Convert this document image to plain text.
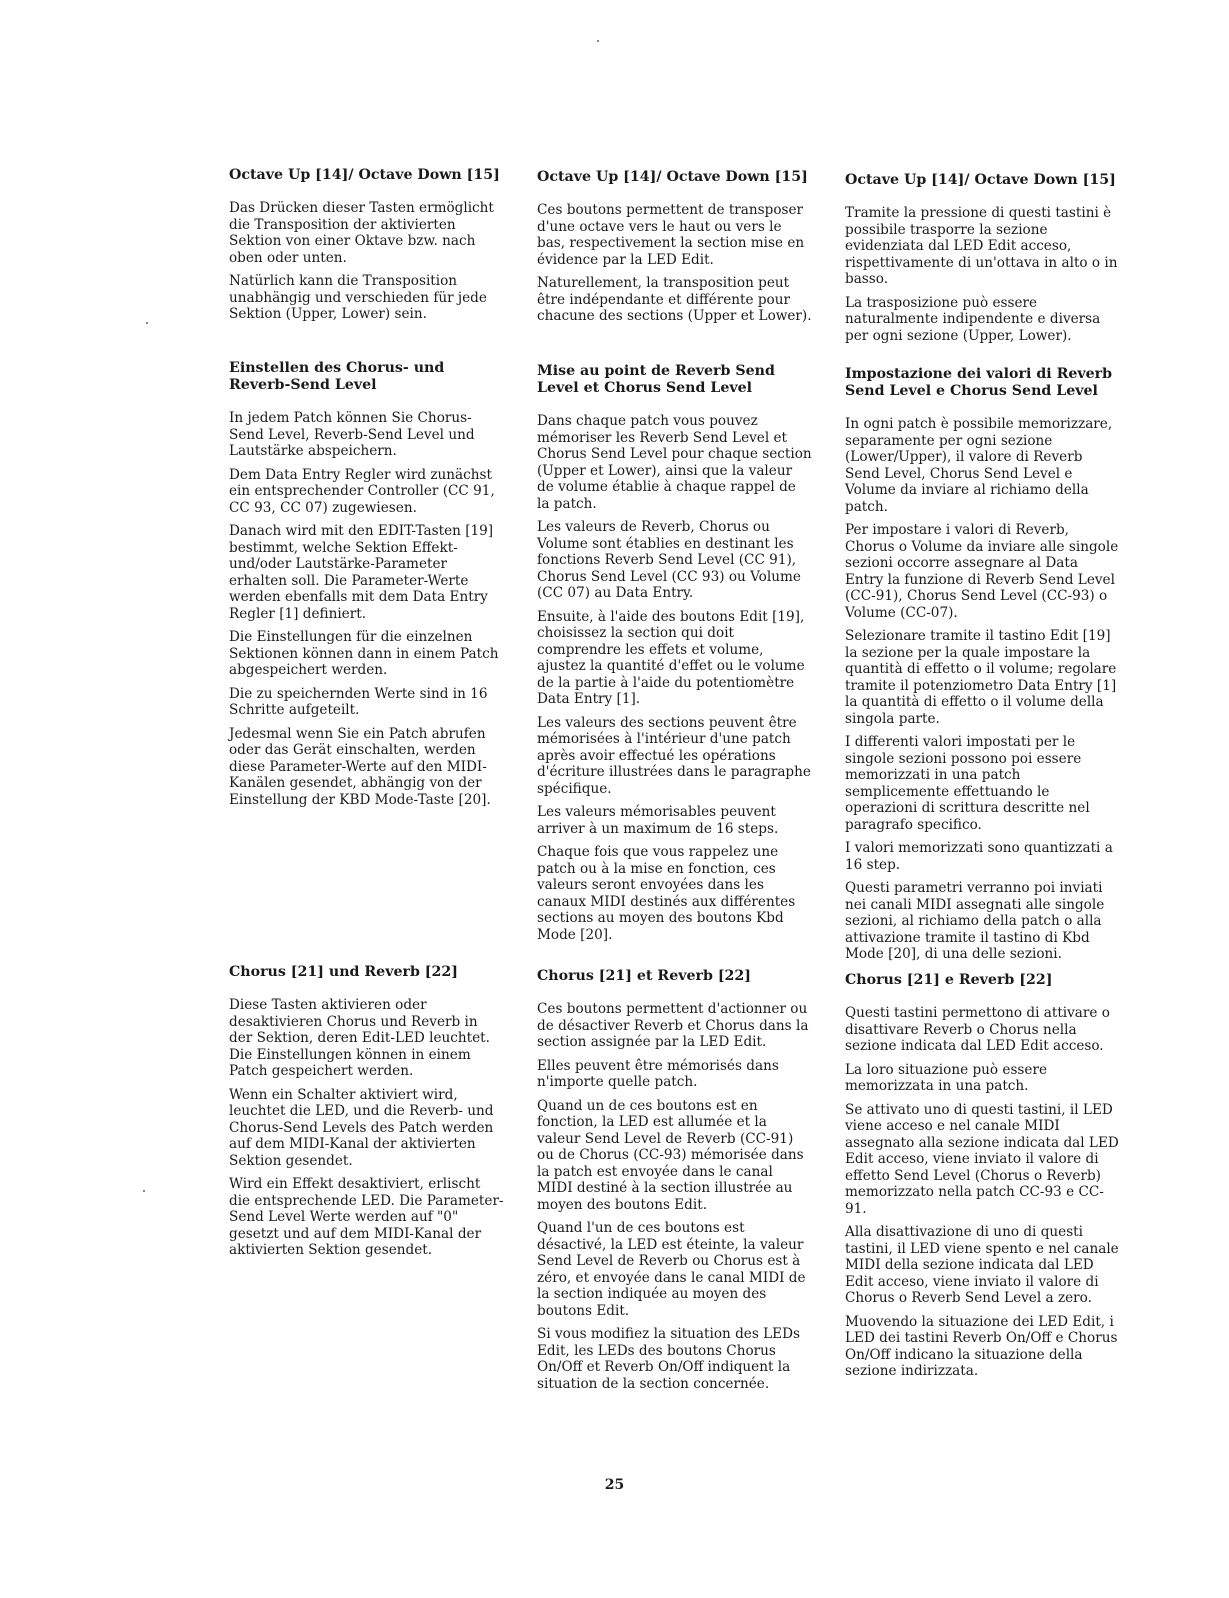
Octave Up [14]/ Octave Down [15]

Das Drücken dieser Tasten ermöglicht die Transposition der aktivierten Sektion von einer Oktave bzw. nach oben oder unten.

Natürlich kann die Transposition unabhängig und verschieden für jede Sektion (Upper, Lower) sein.

Einstellen des Chorus- und Reverb-Send Level

In jedem Patch können Sie Chorus-Send Level, Reverb-Send Level und Lautstärke abspeichern.

Dem Data Entry Regler wird zunächst ein entsprechender Controller (CC 91, CC 93, CC 07) zugewiesen.

Danach wird mit den EDIT-Tasten [19] bestimmt, welche Sektion Effekt-und/oder Lautstärke-Parameter erhalten soll. Die Parameter-Werte werden ebenfalls mit dem Data Entry Regler [1] definiert.

Die Einstellungen für die einzelnen Sektionen können dann in einem Patch abgespeichert werden.

Die zu speichernden Werte sind in 16 Schritte aufgeteilt.

Jedesmal wenn Sie ein Patch abrufen oder das Gerät einschalten, werden diese Parameter-Werte auf den MIDI-Kanälen gesendet, abhängig von der Einstellung der KBD Mode-Taste [20].

Chorus [21] und Reverb [22]

Diese Tasten aktivieren oder desaktivieren Chorus und Reverb in der Sektion, deren Edit-LED leuchtet. Die Einstellungen können in einem Patch gespeichert werden.

Wenn ein Schalter aktiviert wird, leuchtet die LED, und die Reverb- und Chorus-Send Levels des Patch werden auf dem MIDI-Kanal der aktivierten Sektion gesendet.

Wird ein Effekt desaktiviert, erlischt die entsprechende LED. Die Parameter-Send Level Werte werden auf "0" gesetzt und auf dem MIDI-Kanal der aktivierten Sektion gesendet.

Octave Up [14]/ Octave Down [15]

Ces boutons permettent de transposer d'une octave vers le haut ou vers le bas, respectivement la section mise en évidence par la LED Edit.

Naturellement, la transposition peut être indépendante et différente pour chacune des sections (Upper et Lower).

Mise au point de Reverb Send Level et Chorus Send Level

Dans chaque patch vous pouvez mémoriser les Reverb Send Level et Chorus Send Level pour chaque section (Upper et Lower), ainsi que la valeur de volume établie à chaque rappel de la patch.

Les valeurs de Reverb, Chorus ou Volume sont établies en destinant les fonctions Reverb Send Level (CC 91), Chorus Send Level (CC 93) ou Volume (CC 07) au Data Entry.

Ensuite, à l'aide des boutons Edit [19], choisissez la section qui doit comprendre les effets et volume, ajustez la quantité d'effet ou le volume de la partie à l'aide du potentiomètre Data Entry [1].

Les valeurs des sections peuvent être mémorisées à l'intérieur d'une patch après avoir effectué les opérations d'écriture illustrées dans le paragraphe spécifique.

Les valeurs mémorisables peuvent arriver à un maximum de 16 steps.

Chaque fois que vous rappelez une patch ou à la mise en fonction, ces valeurs seront envoyées dans les canaux MIDI destinés aux différentes sections au moyen des boutons Kbd Mode [20].

Chorus [21] et Reverb [22]

Ces boutons permettent d'actionner ou de désactiver Reverb et Chorus dans la section assignée par la LED Edit.

Elles peuvent être mémorisés dans n'importe quelle patch.

Quand un de ces boutons est en fonction, la LED est allumée et la valeur Send Level de Reverb (CC-91) ou de Chorus (CC-93) mémorisée dans la patch est envoyée dans le canal MIDI destiné à la section illustrée au moyen des boutons Edit.

Quand l'un de ces boutons est désactivé, la LED est éteinte, la valeur Send Level de Reverb ou Chorus est à zéro, et envoyée dans le canal MIDI de la section indiquée au moyen des boutons Edit.

Si vous modifiez la situation des LEDs Edit, les LEDs des boutons Chorus On/Off et Reverb On/Off indiquent la situation de la section concernée.

Octave Up [14]/ Octave Down [15]

Tramite la pressione di questi tastini è possibile trasporre la sezione evidenziata dal LED Edit acceso, rispettivamente di un'ottava in alto o in basso.

La trasposizione può essere naturalmente indipendente e diversa per ogni sezione (Upper, Lower).

Impostazione dei valori di Reverb Send Level e Chorus Send Level

In ogni patch è possibile memorizzare, separamente per ogni sezione (Lower/Upper), il valore di Reverb Send Level, Chorus Send Level e Volume da inviare al richiamo della patch.

Per impostare i valori di Reverb, Chorus o Volume da inviare alle singole sezioni occorre assegnare al Data Entry la funzione di Reverb Send Level (CC-91), Chorus Send Level (CC-93) o Volume (CC-07).

Selezionare tramite il tastino Edit [19] la sezione per la quale impostare la quantità di effetto o il volume; regolare tramite il potenziometro Data Entry [1] la quantità di effetto o il volume della singola parte.

I differenti valori impostati per le singole sezioni possono poi essere memorizzati in una patch semplicemente effettuando le operazioni di scrittura descritte nel paragrafo specifico.

I valori memorizzati sono quantizzati a 16 step.

Questi parametri verranno poi inviati nei canali MIDI assegnati alle singole sezioni, al richiamo della patch o alla attivazione tramite il tastino di Kbd Mode [20], di una delle sezioni.

Chorus [21] e Reverb [22]

Questi tastini permettono di attivare o disattivare Reverb o Chorus nella sezione indicata dal LED Edit acceso.

La loro situazione può essere memorizzata in una patch.

Se attivato uno di questi tastini, il LED viene acceso e nel canale MIDI assegnato alla sezione indicata dal LED Edit acceso, viene inviato il valore di effetto Send Level (Chorus o Reverb) memorizzato nella patch CC-93 e CC-91.

Alla disattivazione di uno di questi tastini, il LED viene spento e nel canale MIDI della sezione indicata dal LED Edit acceso, viene inviato il valore di Chorus o Reverb Send Level a zero.

Muovendo la situazione dei LED Edit, i LED dei tastini Reverb On/Off e Chorus On/Off indicano la situazione della sezione indirizzata.

25
